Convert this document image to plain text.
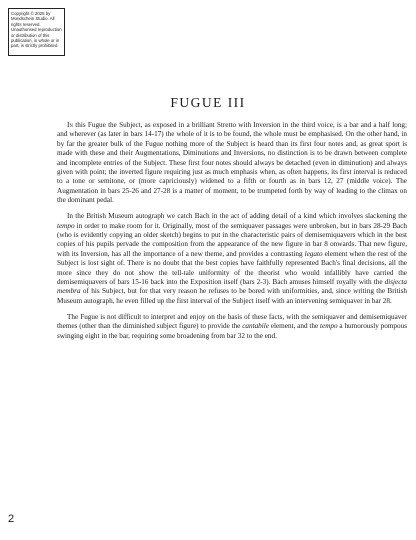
Copyright © 2025 by Mondschein Studio. All rights reserved. Unauthorised reproduction or distribution of this publication, in whole or in part, is strictly prohibited.
FUGUE III

In this Fugue the Subject, as exposed in a brilliant Stretto with Inversion in the third voice, is a bar and a half long; and wherever (as later in bars 14-17) the whole of it is to be found, the whole must be emphasised. On the other hand, in by far the greater bulk of the Fugue nothing more of the Subject is heard than its first four notes and, as great sport is made with these and their Augmentations, Diminutions and Inversions, no distinction is to be drawn between complete and incomplete entries of the Subject. These first four notes should always be detached (even in diminution) and always given with point; the inverted figure requiring just as much emphasis when, as often happens, its first interval is reduced to a tone or semitone, or (more capriciously) widened to a fifth or fourth as in bars 12, 27 (middle voice). The Augmentation in bars 25-26 and 27-28 is a matter of moment, to be trumpeted forth by way of leading to the climax on the dominant pedal.

In the British Museum autograph we catch Bach in the act of adding detail of a kind which involves slackening the tempo in order to make room for it. Originally, most of the semiquaver passages were unbroken, but in bars 28-29 Bach (who is evidently copying an older sketch) begins to put in the characteristic pairs of demisemiquavers which in the best copies of his pupils pervade the composition from the appearance of the new figure in bar 8 onwards. That new figure, with its Inversion, has all the importance of a new theme, and provides a contrasting legato element when the rest of the Subject is lost sight of. There is no doubt that the best copies have faithfully represented Bach's final decisions, all the more since they do not show the tell-tale uniformity of the theorist who would infallibly have carried the demisemiquavers of bars 15-16 back into the Exposition itself (bars 2-3). Bach amuses himself royally with the disjecta membra of his Subject, but for that very reason he refuses to be bored with uniformities, and, since writing the British Museum autograph, he even filled up the first interval of the Subject itself with an intervening semiquaver in bar 28.

The Fugue is not difficult to interpret and enjoy on the basis of these facts, with the semiquaver and demisemiquaver themes (other than the diminished subject figure) to provide the cantabile element, and the tempo a humorously pompous swinging eight in the bar, requiring some broadening from bar 32 to the end.

2
